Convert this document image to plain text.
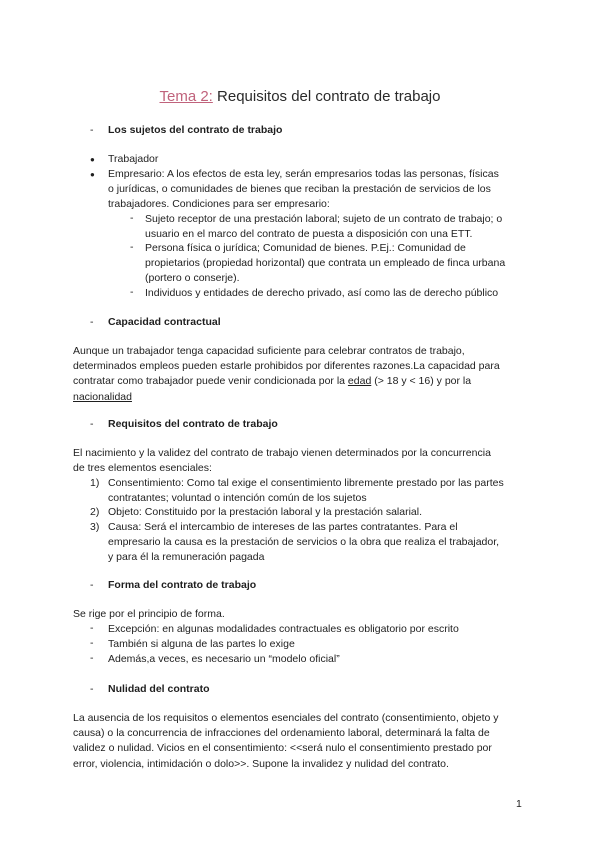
Tema 2: Requisitos del contrato de trabajo
- Los sujetos del contrato de trabajo
● Trabajador
● Empresario: A los efectos de esta ley, serán empresarios todas las personas, físicas
o jurídicas, o comunidades de bienes que reciban la prestación de servicios de los
trabajadores. Condiciones para ser empresario:
- Sujeto receptor de una prestación laboral; sujeto de un contrato de trabajo; o
usuario en el marco del contrato de puesta a disposición con una ETT.
- Persona física o jurídica; Comunidad de bienes. P.Ej.: Comunidad de
propietarios (propiedad horizontal) que contrata un empleado de finca urbana
(portero o conserje).
- Individuos y entidades de derecho privado, así como las de derecho público
- Capacidad contractual
Aunque un trabajador tenga capacidad suficiente para celebrar contratos de trabajo,
determinados empleos pueden estarle prohibidos por diferentes razones.La capacidad para
contratar como trabajador puede venir condicionada por la edad (> 18 y < 16) y por la
nacionalidad
- Requisitos del contrato de trabajo
El nacimiento y la validez del contrato de trabajo vienen determinados por la concurrencia
de tres elementos esenciales:
1) Consentimiento: Como tal exige el consentimiento libremente prestado por las partes
contratantes; voluntad o intención común de los sujetos
2) Objeto: Constituido por la prestación laboral y la prestación salarial.
3) Causa: Será el intercambio de intereses de las partes contratantes. Para el
empresario la causa es la prestación de servicios o la obra que realiza el trabajador,
y para él la remuneración pagada
- Forma del contrato de trabajo
Se rige por el principio de forma.
- Excepción: en algunas modalidades contractuales es obligatorio por escrito
- También si alguna de las partes lo exige
- Además,a veces, es necesario un “modelo oficial”
- Nulidad del contrato
La ausencia de los requisitos o elementos esenciales del contrato (consentimiento, objeto y
causa) o la concurrencia de infracciones del ordenamiento laboral, determinará la falta de
validez o nulidad. Vicios en el consentimiento: <<será nulo el consentimiento prestado por
error, violencia, intimidación o dolo>>. Supone la invalidez y nulidad del contrato.
1
